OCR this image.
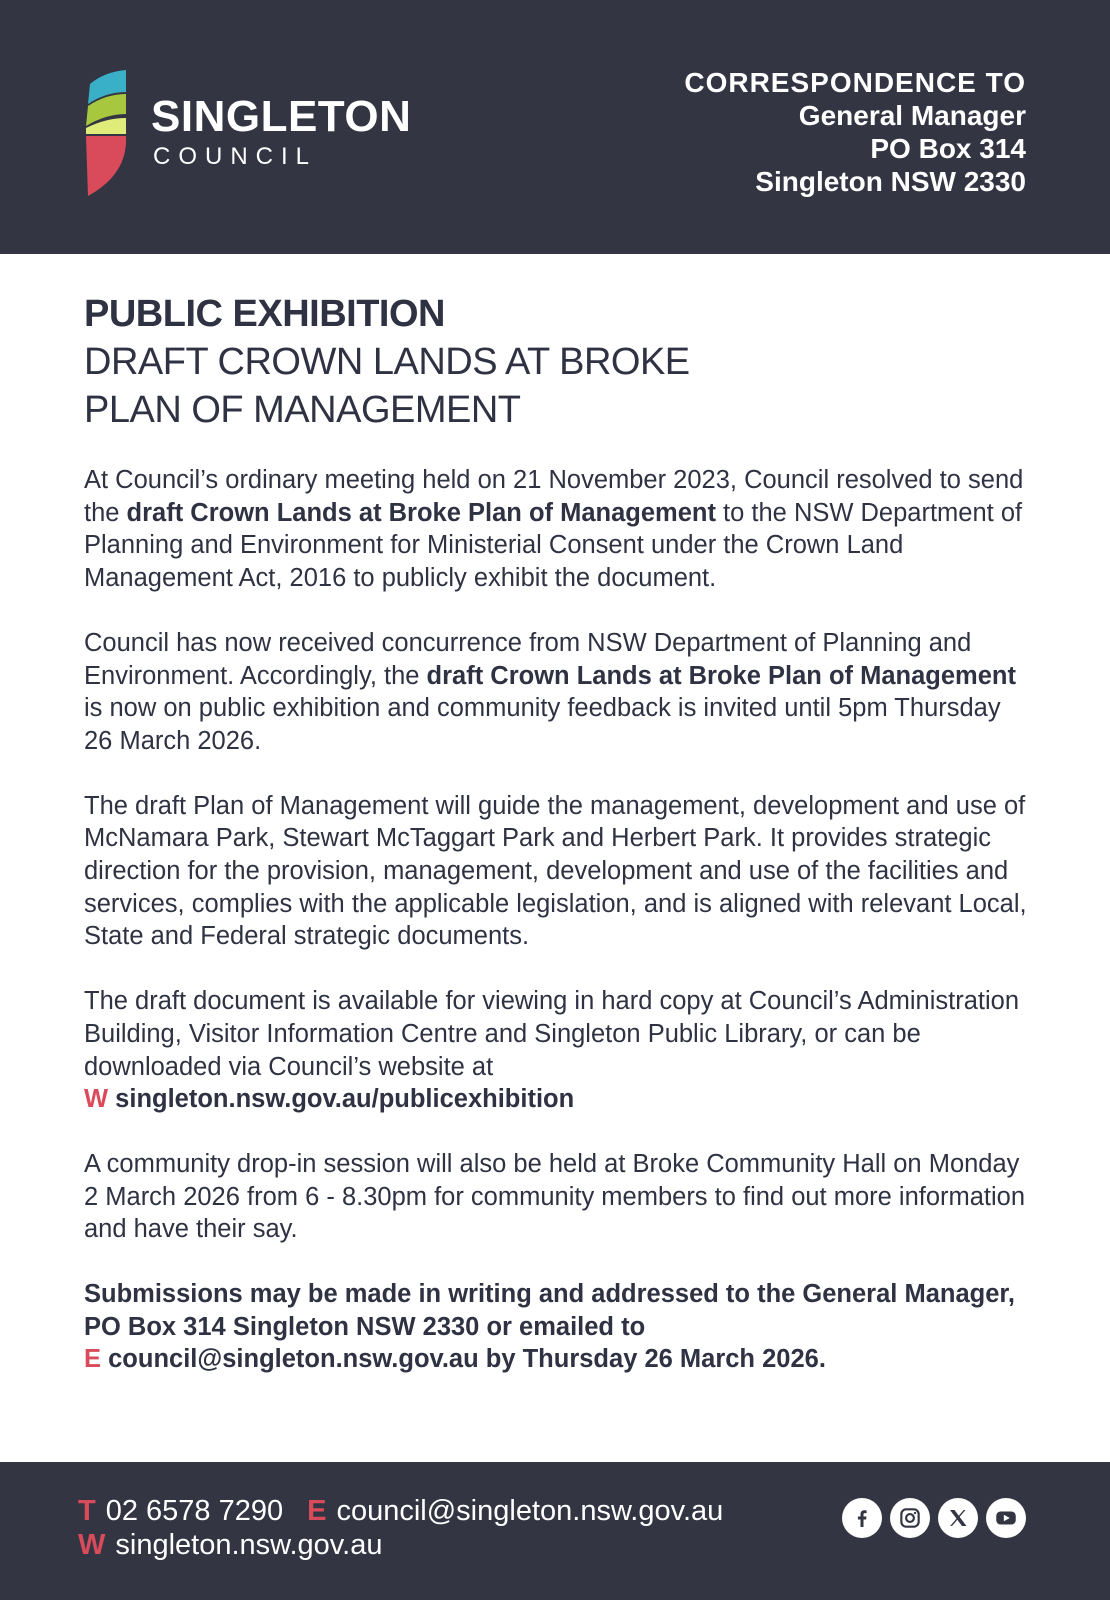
SINGLETON
COUNCIL
CORRESPONDENCE TO
General Manager
PO Box 314
Singleton NSW 2330
PUBLIC EXHIBITION
DRAFT CROWN LANDS AT BROKE
PLAN OF MANAGEMENT

At Council’s ordinary meeting held on 21 November 2023, Council resolved to send the draft Crown Lands at Broke Plan of Management to the NSW Department of Planning and Environment for Ministerial Consent under the Crown Land Management Act, 2016 to publicly exhibit the document.

Council has now received concurrence from NSW Department of Planning and Environment. Accordingly, the draft Crown Lands at Broke Plan of Management is now on public exhibition and community feedback is invited until 5pm Thursday 26 March 2026.

The draft Plan of Management will guide the management, development and use of McNamara Park, Stewart McTaggart Park and Herbert Park. It provides strategic direction for the provision, management, development and use of the facilities and services, complies with the applicable legislation, and is aligned with relevant Local, State and Federal strategic documents.

The draft document is available for viewing in hard copy at Council’s Administration Building, Visitor Information Centre and Singleton Public Library, or can be downloaded via Council’s website at
W singleton.nsw.gov.au/publicexhibition

A community drop-in session will also be held at Broke Community Hall on Monday 2 March 2026 from 6 - 8.30pm for community members to find out more information and have their say.

Submissions may be made in writing and addressed to the General Manager, PO Box 314 Singleton NSW 2330 or emailed to
E council@singleton.nsw.gov.au by Thursday 26 March 2026.

T 02 6578 7290 E council@singleton.nsw.gov.au
W singleton.nsw.gov.au
